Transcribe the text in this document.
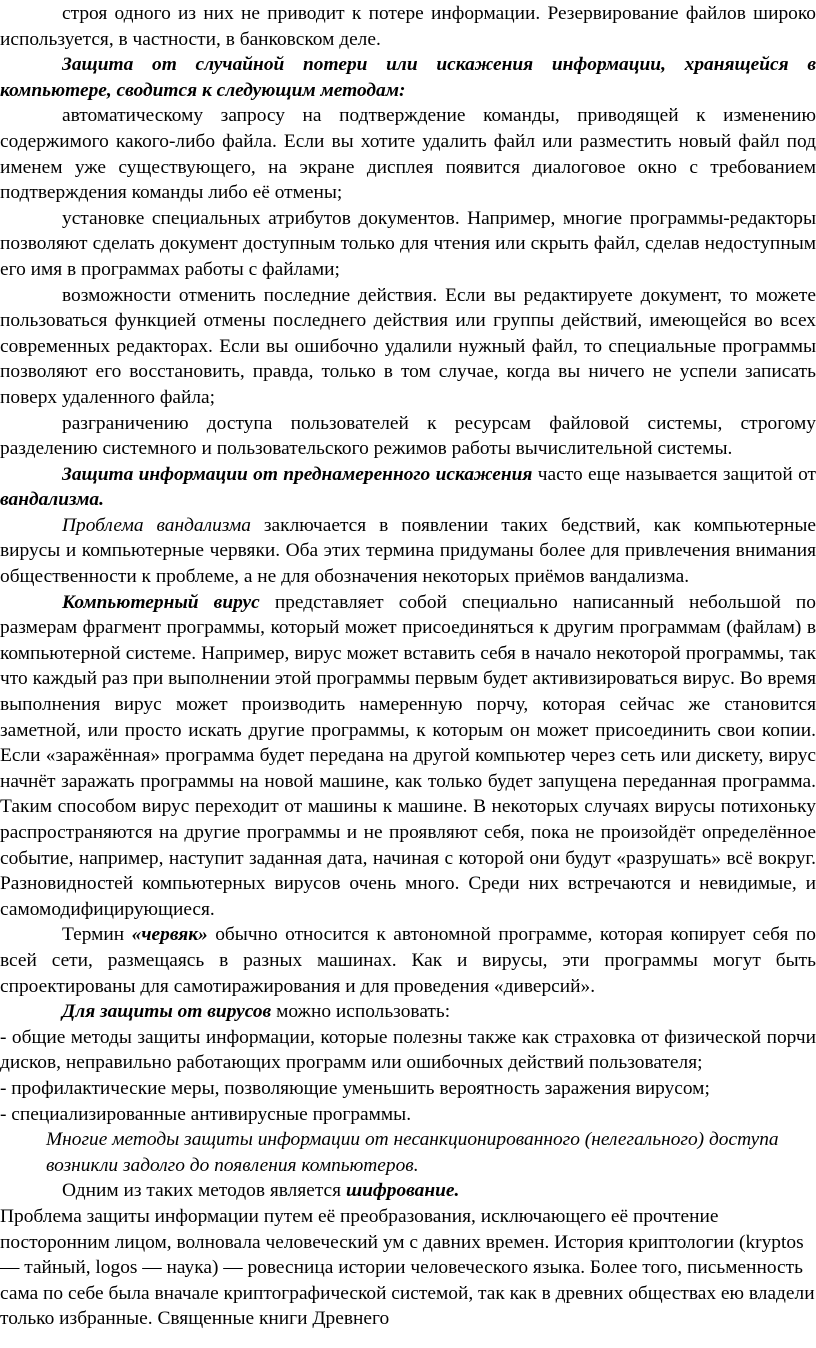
строя одного из них не приводит к потере информации. Резервирование файлов широко используется, в частности, в банковском деле.

Защита от случайной потери или искажения информации, хранящейся в компьютере, сводится к следующим методам:

автоматическому запросу на подтверждение команды, приводящей к изменению содержимого какого-либо файла. Если вы хотите удалить файл или разместить новый файл под именем уже существующего, на экране дисплея появится диалоговое окно с требованием подтверждения команды либо её отмены;

установке специальных атрибутов документов. Например, многие программы-редакторы позволяют сделать документ доступным только для чтения или скрыть файл, сделав недоступным его имя в программах работы с файлами;

возможности отменить последние действия. Если вы редактируете документ, то можете пользоваться функцией отмены последнего действия или группы действий, имеющейся во всех современных редакторах. Если вы ошибочно удалили нужный файл, то специальные программы позволяют его восстановить, правда, только в том случае, когда вы ничего не успели записать поверх удаленного файла;

разграничению доступа пользователей к ресурсам файловой системы, строгому разделению системного и пользовательского режимов работы вычислительной системы.

Защита информации от преднамеренного искажения часто еще называется защитой от вандализма.

Проблема вандализма заключается в появлении таких бедствий, как компьютерные вирусы и компьютерные червяки. Оба этих термина придуманы более для привлечения внимания общественности к проблеме, а не для обозначения некоторых приёмов вандализма.

Компьютерный вирус представляет собой специально написанный небольшой по размерам фрагмент программы, который может присоединяться к другим программам (файлам) в компьютерной системе. Например, вирус может вставить себя в начало некоторой программы, так что каждый раз при выполнении этой программы первым будет активизироваться вирус. Во время выполнения вирус может производить намеренную порчу, которая сейчас же становится заметной, или просто искать другие программы, к которым он может присоединить свои копии. Если «заражённая» программа будет передана на другой компьютер через сеть или дискету, вирус начнёт заражать программы на новой машине, как только будет запущена переданная программа. Таким способом вирус переходит от машины к машине. В некоторых случаях вирусы потихоньку распространяются на другие программы и не проявляют себя, пока не произойдёт определённое событие, например, наступит заданная дата, начиная с которой они будут «разрушать» всё вокруг. Разновидностей компьютерных вирусов очень много. Среди них встречаются и невидимые, и самомодифицирующиеся.

Термин «червяк» обычно относится к автономной программе, которая копирует себя по всей сети, размещаясь в разных машинах. Как и вирусы, эти программы могут быть спроектированы для самотиражирования и для проведения «диверсий».

Для защиты от вирусов можно использовать:

- общие методы защиты информации, которые полезны также как страховка от физической порчи дисков, неправильно работающих программ или ошибочных действий пользователя;

- профилактические меры, позволяющие уменьшить вероятность заражения вирусом;

- специализированные антивирусные программы.

Многие методы защиты информации от несанкционированного (нелегального) доступа возникли задолго до появления компьютеров.

Одним из таких методов является шифрование.

Проблема защиты информации путем её преобразования, исключающего её прочтение посторонним лицом, волновала человеческий ум с давних времен. История криптологии (kryptos — тайный, logos — наука) — ровесница истории человеческого языка. Более того, письменность сама по себе была вначале криптографической системой, так как в древних обществах ею владели только избранные. Священные книги Древнего
